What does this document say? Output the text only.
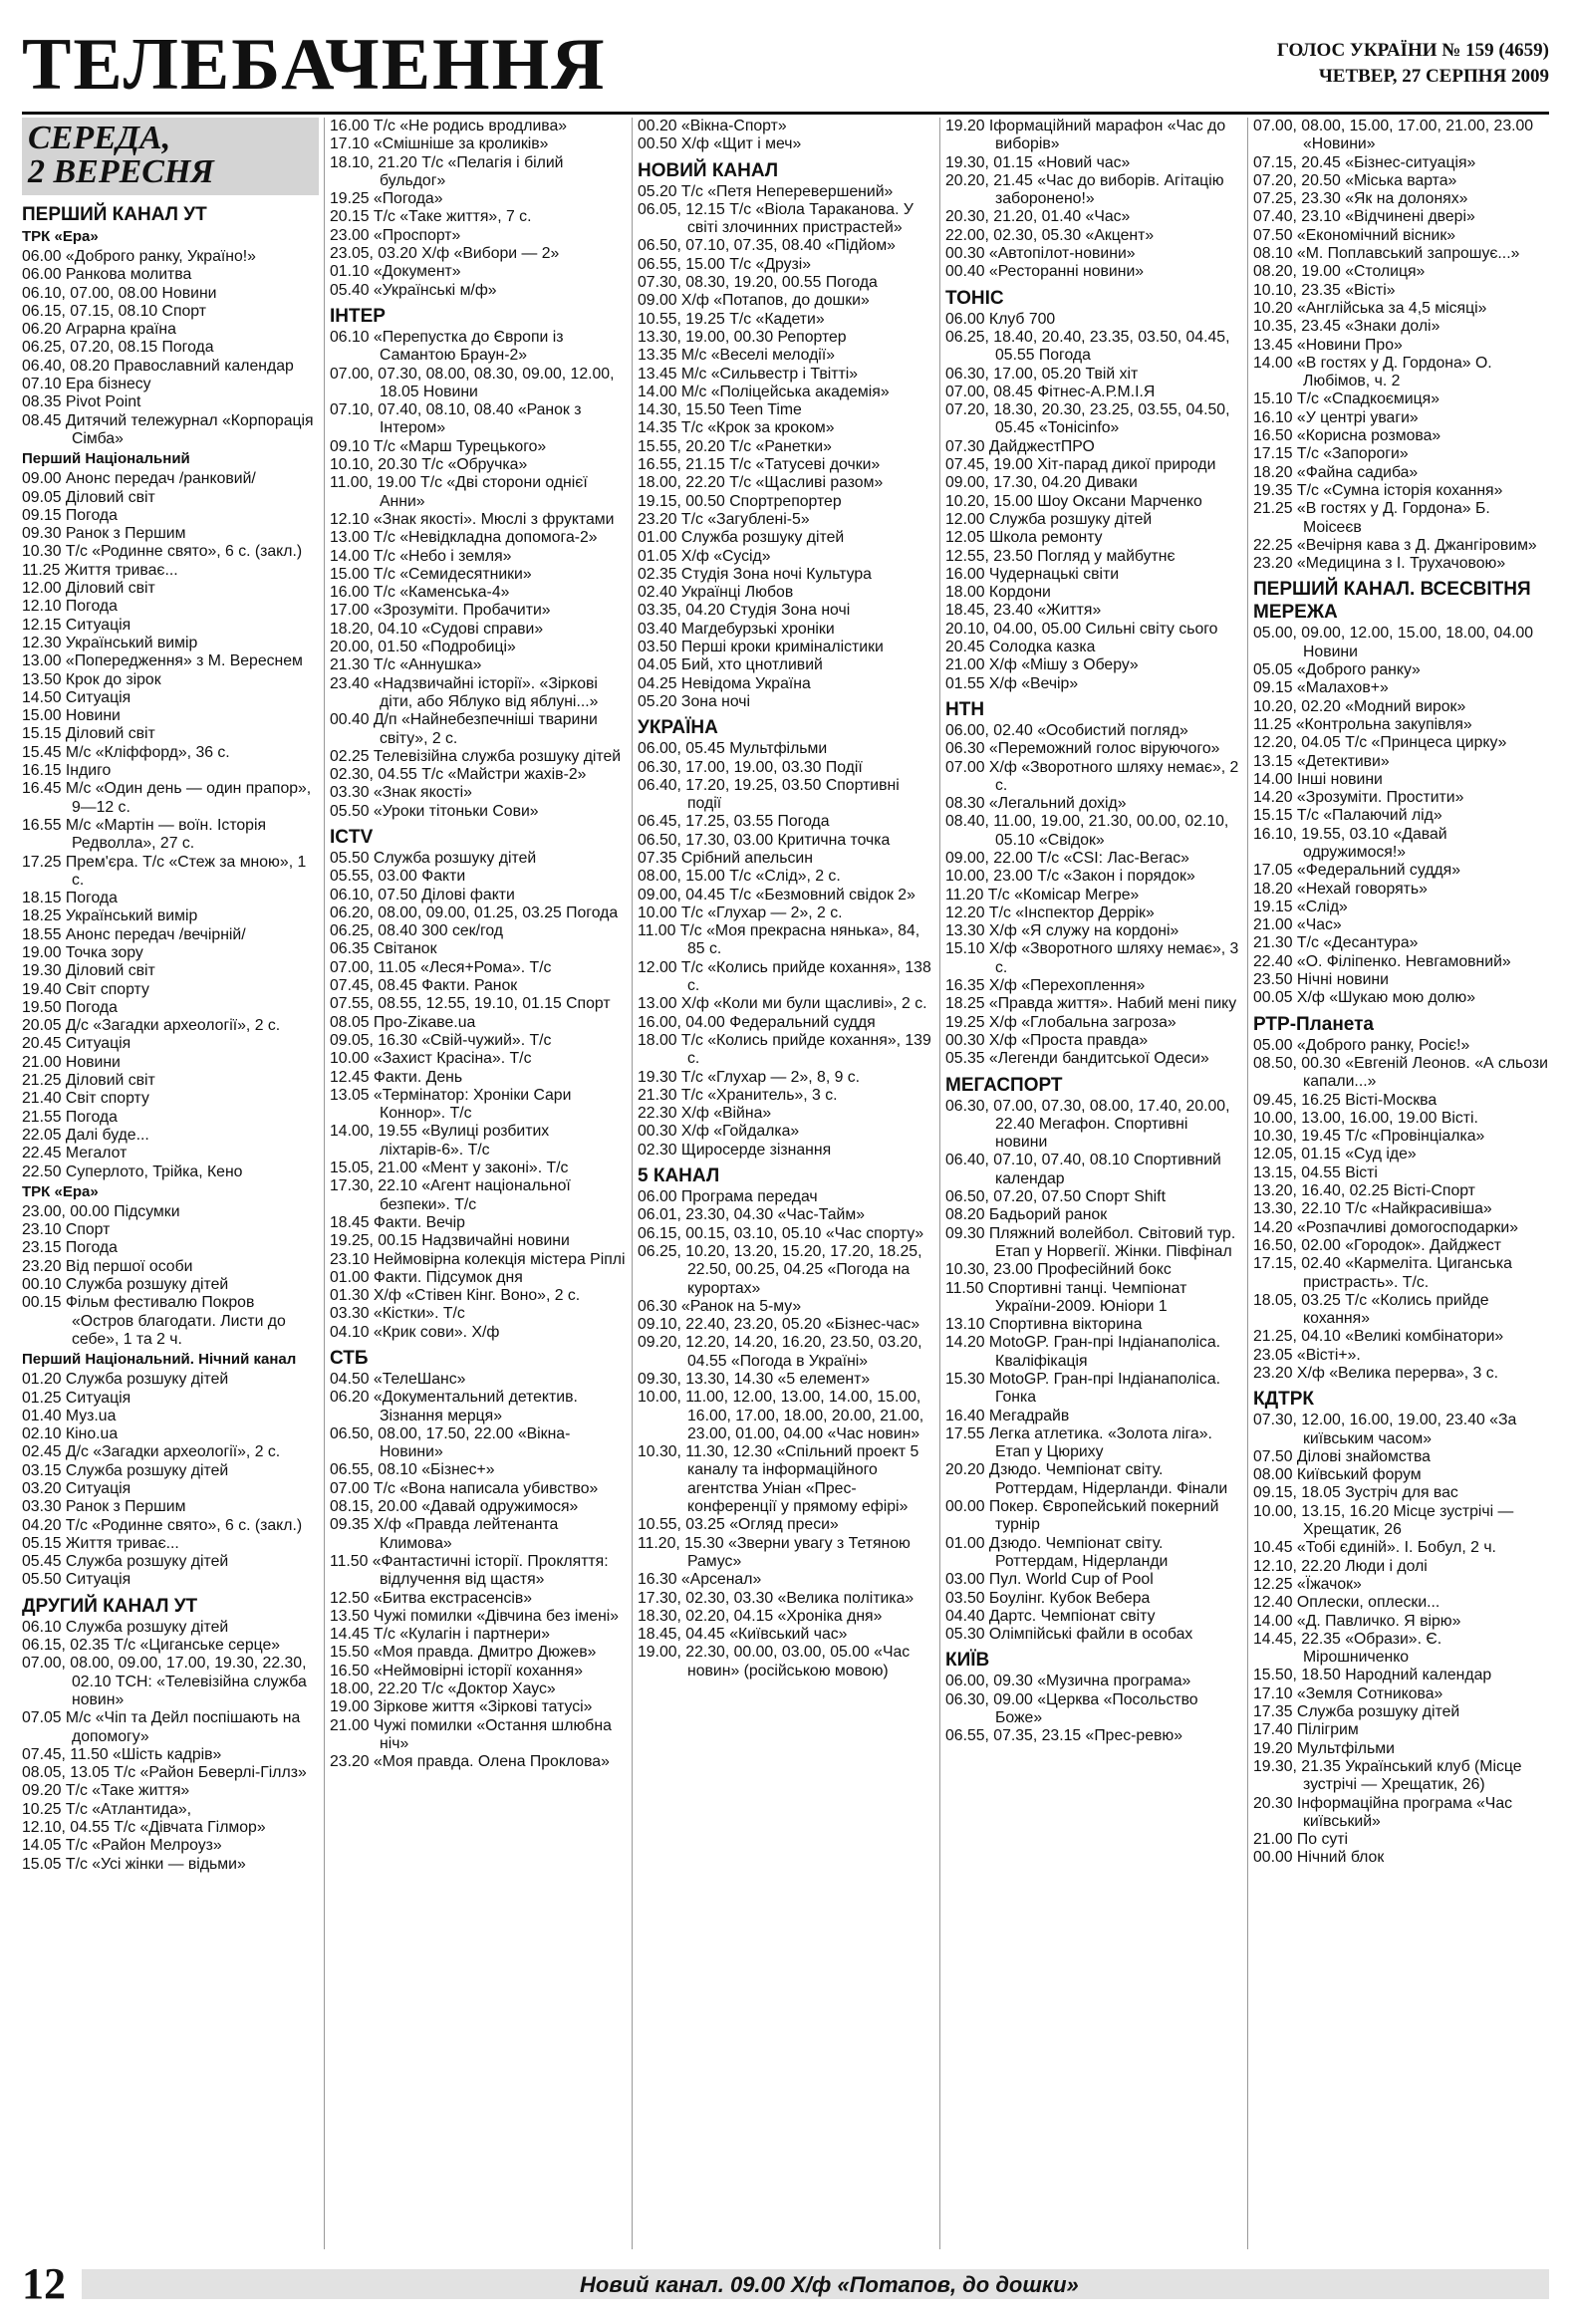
ТЕЛЕБАЧЕННЯ	ГОЛОС УКРАЇНИ № 159 (4659)
ЧЕТВЕР, 27 СЕРПНЯ 2009
СЕРЕДА,
2 ВЕРЕСНЯ
ПЕРШИЙ КАНАЛ УТ
ТРК «Ера»
06.00 «Доброго ранку, Україно!»
06.00 Ранкова молитва
06.10, 07.00, 08.00 Новини
06.15, 07.15, 08.10 Спорт
06.20 Аграрна країна
06.25, 07.20, 08.15 Погода
06.40, 08.20 Православний календар
07.10 Ера бізнесу
08.35 Pivot Point
08.45 Дитячий тележурнал «Корпорація Сімба»
Перший Національний
09.00 Анонс передач /ранковий/
09.05 Діловий світ
09.15 Погода
09.30 Ранок з Першим
10.30 Т/с «Родинне свято», 6 с. (закл.)
11.25 Життя триває...
12.00 Діловий світ
12.10 Погода
12.15 Ситуація
12.30 Український вимір
13.00 «Попередження» з М. Вереснем
13.50 Крок до зірок
14.50 Ситуація
15.00 Новини
15.15 Діловий світ
15.45 М/с «Кліффорд», 36 с.
16.15 Індиго
16.45 М/с «Один день — один прапор», 9—12 с.
16.55 М/с «Мартін — воїн. Історія Редволла», 27 с.
17.25 Прем'єра. Т/с «Стеж за мною», 1 с.
18.15 Погода
18.25 Український вимір
18.55 Анонс передач /вечірній/
19.00 Точка зору
19.30 Діловий світ
19.40 Світ спорту
19.50 Погода
20.05 Д/с «Загадки археології», 2 с.
20.45 Ситуація
21.00 Новини
21.25 Діловий світ
21.40 Світ спорту
21.55 Погода
22.05 Далі буде...
22.45 Мегалот
22.50 Суперлото, Трійка, Кено
ТРК «Ера»
23.00, 00.00 Підсумки
23.10 Спорт
23.15 Погода
23.20 Від першої особи
00.10 Служба розшуку дітей
00.15 Фільм фестивалю Покров «Остров благодати. Листи до себе», 1 та 2 ч.
Перший Національний. Нічний канал
01.20 Служба розшуку дітей
01.25 Ситуація
01.40 Муз.ua
02.10 Кіно.ua
02.45 Д/с «Загадки археології», 2 с.
03.15 Служба розшуку дітей
03.20 Ситуація
03.30 Ранок з Першим
04.20 Т/с «Родинне свято», 6 с. (закл.)
05.15 Життя триває...
05.45 Служба розшуку дітей
05.50 Ситуація
ДРУГИЙ КАНАЛ УТ
06.10 Служба розшуку дітей
06.15, 02.35 Т/с «Циганське серце»
07.00, 08.00, 09.00, 17.00, 19.30, 22.30, 02.10 ТСН: «Телевізійна служба новин»
07.05 М/с «Чіп та Дейл поспішають на допомогу»
07.45, 11.50 «Шість кадрів»
08.05, 13.05 Т/с «Район Беверлі-Гіллз»
09.20 Т/с «Таке життя»
10.25 Т/с «Атлантида»,
12.10, 04.55 Т/с «Дівчата Гілмор»
14.05 Т/с «Район Мелроуз»
15.05 Т/с «Усі жінки — відьми»
16.00 Т/с «Не родись вродлива»
17.10 «Смішніше за кроликів»
18.10, 21.20 Т/с «Пелагія і білий бульдог»
19.25 «Погода»
20.15 Т/с «Таке життя», 7 с.
23.00 «Проспорт»
23.05, 03.20 Х/ф «Вибори — 2»
01.10 «Документ»
05.40 «Українські м/ф»
ІНТЕР
06.10 «Перепустка до Європи із Самантою Браун-2»
07.00, 07.30, 08.00, 08.30, 09.00, 12.00, 18.05 Новини
07.10, 07.40, 08.10, 08.40 «Ранок з Інтером»
09.10 Т/с «Марш Турецького»
10.10, 20.30 Т/с «Обручка»
11.00, 19.00 Т/с «Дві сторони однієї Анни»
12.10 «Знак якості». Мюслі з фруктами
13.00 Т/с «Невідкладна допомога-2»
14.00 Т/с «Небо і земля»
15.00 Т/с «Семидесятники»
16.00 Т/с «Каменська-4»
17.00 «Зрозуміти. Пробачити»
18.20, 04.10 «Судові справи»
20.00, 01.50 «Подробиці»
21.30 Т/с «Аннушка»
23.40 «Надзвичайні історії». «Зіркові діти, або Яблуко від яблуні...»
00.40 Д/п «Найнебезпечніші тварини світу», 2 с.
02.25 Телевізійна служба розшуку дітей
02.30, 04.55 Т/с «Майстри жахів-2»
03.30 «Знак якості»
05.50 «Уроки тітоньки Сови»
ICTV
05.50 Служба розшуку дітей
05.55, 03.00 Факти
06.10, 07.50 Ділові факти
06.20, 08.00, 09.00, 01.25, 03.25 Погода
06.25, 08.40 300 сек/год
06.35 Світанок
07.00, 11.05 «Леся+Рома». Т/с
07.45, 08.45 Факти. Ранок
07.55, 08.55, 12.55, 19.10, 01.15 Спорт
08.05 Про-Zікаве.ua
09.05, 16.30 «Свій-чужий». Т/с
10.00 «Захист Красіна». Т/с
12.45 Факти. День
13.05 «Термінатор: Хроніки Сари Коннор». Т/с
14.00, 19.55 «Вулиці розбитих ліхтарів-6». Т/с
15.05, 21.00 «Мент у законі». Т/с
17.30, 22.10 «Агент національної безпеки». Т/с
18.45 Факти. Вечір
19.25, 00.15 Надзвичайні новини
23.10 Неймовірна колекція містера Ріплі
01.00 Факти. Підсумок дня
01.30 Х/ф «Стівен Кінг. Воно», 2 с.
03.30 «Кістки». Т/с
04.10 «Крик сови». Х/ф
СТБ
04.50 «ТелеШанс»
06.20 «Документальний детектив. Зізнання мерця»
06.50, 08.00, 17.50, 22.00 «Вікна-Новини»
06.55, 08.10 «Бізнес+»
07.00 Т/с «Вона написала убивство»
08.15, 20.00 «Давай одружимося»
09.35 Х/ф «Правда лейтенанта Климова»
11.50 «Фантастичні історії. Прокляття: відлучення від щастя»
12.50 «Битва екстрасенсів»
13.50 Чужі помилки «Дівчина без імені»
14.45 Т/с «Кулагін і партнери»
15.50 «Моя правда. Дмитро Дюжев»
16.50 «Неймовірні історії кохання»
18.00, 22.20 Т/с «Доктор Хаус»
19.00 Зіркове життя «Зіркові татусі»
21.00 Чужі помилки «Остання шлюбна ніч»
23.20 «Моя правда. Олена Проклова»
00.20 «Вікна-Спорт»
00.50 Х/ф «Щит і меч»
НОВИЙ КАНАЛ
05.20 Т/с «Петя Неперевершений»
06.05, 12.15 Т/с «Віола Тараканова. У світі злочинних пристрастей»
06.50, 07.10, 07.35, 08.40 «Підйом»
06.55, 15.00 Т/с «Друзі»
07.30, 08.30, 19.20, 00.55 Погода
09.00 Х/ф «Потапов, до дошки»
10.55, 19.25 Т/с «Кадети»
13.30, 19.00, 00.30 Репортер
13.35 М/с «Веселі мелодії»
13.45 М/с «Сильвестр і Твітті»
14.00 М/с «Поліцейська академія»
14.30, 15.50 Teen Time
14.35 Т/с «Крок за кроком»
15.55, 20.20 Т/с «Ранетки»
16.55, 21.15 Т/с «Татусеві дочки»
18.00, 22.20 Т/с «Щасливі разом»
19.15, 00.50 Спортрепортер
23.20 Т/с «Загублені-5»
01.00 Служба розшуку дітей
01.05 Х/ф «Сусід»
02.35 Студія Зона ночі Культура
02.40 Українці Любов
03.35, 04.20 Студія Зона ночі
03.40 Магдебурзькі хроніки
03.50 Перші кроки криміналістики
04.05 Бий, хто цнотливий
04.25 Невідома Україна
05.20 Зона ночі
УКРАЇНА
06.00, 05.45 Мультфільми
06.30, 17.00, 19.00, 03.30 Події
06.40, 17.20, 19.25, 03.50 Спортивні події
06.45, 17.25, 03.55 Погода
06.50, 17.30, 03.00 Критична точка
07.35 Срібний апельсин
08.00, 15.00 Т/с «Слід», 2 с.
09.00, 04.45 Т/с «Безмовний свідок 2»
10.00 Т/с «Глухар — 2», 2 с.
11.00 Т/с «Моя прекрасна нянька», 84, 85 с.
12.00 Т/с «Колись прийде кохання», 138 с.
13.00 Х/ф «Коли ми були щасливі», 2 с.
16.00, 04.00 Федеральний суддя
18.00 Т/с «Колись прийде кохання», 139 с.
19.30 Т/с «Глухар — 2», 8, 9 с.
21.30 Т/с «Хранитель», 3 с.
22.30 Х/ф «Війна»
00.30 Х/ф «Гойдалка»
02.30 Щиросерде зізнання
5 КАНАЛ
06.00 Програма передач
06.01, 23.30, 04.30 «Час-Тайм»
06.15, 00.15, 03.10, 05.10 «Час спорту»
06.25, 10.20, 13.20, 15.20, 17.20, 18.25, 22.50, 00.25, 04.25 «Погода на курортах»
06.30 «Ранок на 5-му»
09.10, 22.40, 23.20, 05.20 «Бізнес-час»
09.20, 12.20, 14.20, 16.20, 23.50, 03.20, 04.55 «Погода в Україні»
09.30, 13.30, 14.30 «5 елемент»
10.00, 11.00, 12.00, 13.00, 14.00, 15.00, 16.00, 17.00, 18.00, 20.00, 21.00, 23.00, 01.00, 04.00 «Час новин»
10.30, 11.30, 12.30 «Спільний проект 5 каналу та інформаційного агентства Уніан «Прес-конференції у прямому ефірі»
10.55, 03.25 «Огляд преси»
11.20, 15.30 «Зверни увагу з Тетяною Рамус»
16.30 «Арсенал»
17.30, 02.30, 03.30 «Велика політика»
18.30, 02.20, 04.15 «Хроніка дня»
18.45, 04.45 «Київський час»
19.00, 22.30, 00.00, 03.00, 05.00 «Час новин» (російською мовою)
19.20 Іформаційний марафон «Час до виборів»
19.30, 01.15 «Новий час»
20.20, 21.45 «Час до виборів. Агітацію заборонено!»
20.30, 21.20, 01.40 «Час»
22.00, 02.30, 05.30 «Акцент»
00.30 «Автопілот-новини»
00.40 «Ресторанні новини»
ТОНІС
06.00 Клуб 700
06.25, 18.40, 20.40, 23.35, 03.50, 04.45, 05.55 Погода
06.30, 17.00, 05.20 Твій хіт
07.00, 08.45 Фітнес-А.Р.М.І.Я
07.20, 18.30, 20.30, 23.25, 03.55, 04.50, 05.45 «Тонісinfo»
07.30 ДайджестПРО
07.45, 19.00 Хіт-парад дикої природи
09.00, 17.30, 04.20 Диваки
10.20, 15.00 Шоу Оксани Марченко
12.00 Служба розшуку дітей
12.05 Школа ремонту
12.55, 23.50 Погляд у майбутнє
16.00 Чудернацькі світи
18.00 Кордони
18.45, 23.40 «Життя»
20.10, 04.00, 05.00 Сильні світу сього
20.45 Солодка казка
21.00 Х/ф «Мішу з Оберу»
01.55 Х/ф «Вечір»
НТН
06.00, 02.40 «Особистий погляд»
06.30 «Переможний голос віруючого»
07.00 Х/ф «Зворотного шляху немає», 2 с.
08.30 «Легальний дохід»
08.40, 11.00, 19.00, 21.30, 00.00, 02.10, 05.10 «Свідок»
09.00, 22.00 Т/с «CSI: Лас-Вегас»
10.00, 23.00 Т/с «Закон і порядок»
11.20 Т/с «Комісар Мегре»
12.20 Т/с «Інспектор Деррік»
13.30 Х/ф «Я служу на кордоні»
15.10 Х/ф «Зворотного шляху немає», 3 с.
16.35 Х/ф «Перехоплення»
18.25 «Правда життя». Набий мені пику
19.25 Х/ф «Глобальна загроза»
00.30 Х/ф «Проста правда»
05.35 «Легенди бандитської Одеси»
МЕГАСПОРТ
06.30, 07.00, 07.30, 08.00, 17.40, 20.00, 22.40 Мегафон. Спортивні новини
06.40, 07.10, 07.40, 08.10 Спортивний календар
06.50, 07.20, 07.50 Спорт Shift
08.20 Бадьорий ранок
09.30 Пляжний волейбол. Світовий тур. Етап у Норвегії. Жінки. Півфінал
10.30, 23.00 Професійний бокс
11.50 Спортивні танці. Чемпіонат України-2009. Юніори 1
13.10 Спортивна вікторина
14.20 MotoGP. Гран-прі Індіанаполіса. Кваліфікація
15.30 MotoGP. Гран-прі Індіанаполіса. Гонка
16.40 Мегадрайв
17.55 Легка атлетика. «Золота ліга». Етап у Цюриху
20.20 Дзюдо. Чемпіонат світу. Роттердам, Нідерланди. Фінали
00.00 Покер. Європейський покерний турнір
01.00 Дзюдо. Чемпіонат світу. Роттердам, Нідерланди
03.00 Пул. World Cup of Pool
03.50 Боулінг. Кубок Вебера
04.40 Дартс. Чемпіонат світу
05.30 Олімпійські файли в особах
КИЇВ
06.00, 09.30 «Музична програма»
06.30, 09.00 «Церква «Посольство Боже»
06.55, 07.35, 23.15 «Прес-ревю»
07.00, 08.00, 15.00, 17.00, 21.00, 23.00 «Новини»
07.15, 20.45 «Бізнес-ситуація»
07.20, 20.50 «Міська варта»
07.25, 23.30 «Як на долонях»
07.40, 23.10 «Відчинені двері»
07.50 «Економічний вісник»
08.10 «М. Поплавський запрошує...»
08.20, 19.00 «Столиця»
10.10, 23.35 «Вісті»
10.20 «Англійська за 4,5 місяці»
10.35, 23.45 «Знаки долі»
13.45 «Новини Про»
14.00 «В гостях у Д. Гордона» О. Любімов, ч. 2
15.10 Т/с «Спадкоємиця»
16.10 «У центрі уваги»
16.50 «Корисна розмова»
17.15 Т/с «Запороги»
18.20 «Файна садиба»
19.35 Т/с «Сумна історія кохання»
21.25 «В гостях у Д. Гордона» Б. Моісеєв
22.25 «Вечірня кава з Д. Джангіровим»
23.20 «Медицина з І. Трухачовою»
ПЕРШИЙ КАНАЛ. ВСЕСВІТНЯ МЕРЕЖА
05.00, 09.00, 12.00, 15.00, 18.00, 04.00 Новини
05.05 «Доброго ранку»
09.15 «Малахов+»
10.20, 02.20 «Модний вирок»
11.25 «Контрольна закупівля»
12.20, 04.05 Т/с «Принцеса цирку»
13.15 «Детективи»
14.00 Інші новини
14.20 «Зрозуміти. Простити»
15.15 Т/с «Палаючий лід»
16.10, 19.55, 03.10 «Давай одружимося!»
17.05 «Федеральний суддя»
18.20 «Нехай говорять»
19.15 «Слід»
21.00 «Час»
21.30 Т/с «Десантура»
22.40 «О. Філіпенко. Невгамовний»
23.50 Нічні новини
00.05 Х/ф «Шукаю мою долю»
РТР-Планета
05.00 «Доброго ранку, Росіє!»
08.50, 00.30 «Евгеній Леонов. «А сльози капали...»
09.45, 16.25 Вісті-Москва
10.00, 13.00, 16.00, 19.00 Вісті.
10.30, 19.45 Т/с «Провінціалка»
12.05, 01.15 «Суд іде»
13.15, 04.55 Вісті
13.20, 16.40, 02.25 Вісті-Спорт
13.30, 22.10 Т/с «Найкрасивіша»
14.20 «Розпачливі домогосподарки»
16.50, 02.00 «Городок». Дайджест
17.15, 02.40 «Кармеліта. Циганська пристрасть». Т/с.
18.05, 03.25 Т/с «Колись прийде кохання»
21.25, 04.10 «Великі комбінатори»
23.05 «Вісті+».
23.20 Х/ф «Велика перерва», 3 с.
КДТРК
07.30, 12.00, 16.00, 19.00, 23.40 «За київським часом»
07.50 Ділові знайомства
08.00 Київський форум
09.15, 18.05 Зустріч для вас
10.00, 13.15, 16.20 Місце зустрічі — Хрещатик, 26
10.45 «Тобі єдиній». І. Бобул, 2 ч.
12.10, 22.20 Люди і долі
12.25 «Їжачок»
12.40 Оплески, оплески...
14.00 «Д. Павличко. Я вірю»
14.45, 22.35 «Образи». Є. Мірошниченко
15.50, 18.50 Народний календар
17.10 «Земля Сотникова»
17.35 Служба розшуку дітей
17.40 Пілігрим
19.20 Мультфільми
19.30, 21.35 Український клуб (Місце зустрічі — Хрещатик, 26)
20.30 Інформаційна програма «Час київський»
21.00 По суті
00.00 Нічний блок
12	Новий канал. 09.00 Х/ф «Потапов, до дошки»
